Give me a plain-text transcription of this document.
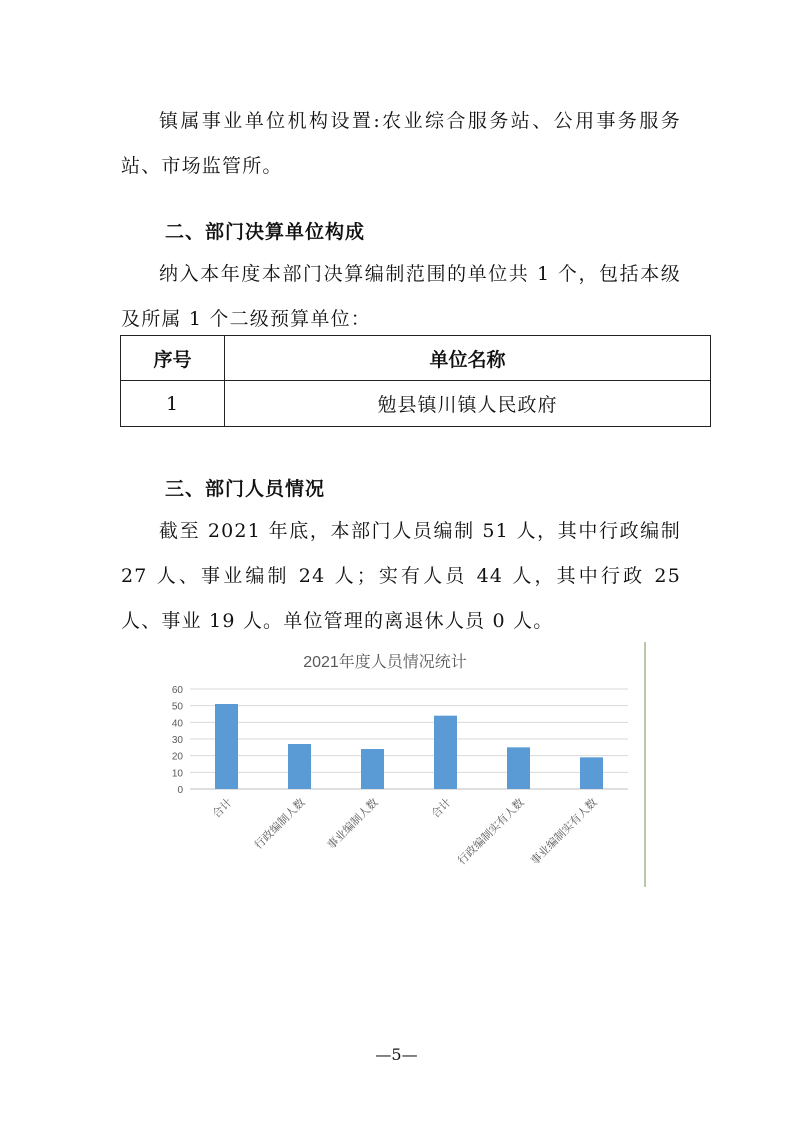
镇属事业单位机构设置:农业综合服务站、公用事务服务站、市场监管所。

二、部门决算单位构成

纳入本年度本部门决算编制范围的单位共 1 个，包括本级及所属 1 个二级预算单位：

序号	单位名称
1	勉县镇川镇人民政府
三、部门人员情况

截至 2021 年底，本部门人员编制 51 人，其中行政编制 27 人、事业编制 24 人；实有人员 44 人，其中行政 25 人、事业 19 人。单位管理的离退休人员 0 人。

2021年度人员情况统计
0
10
20
30
40
50
60
合计 行政编制人数 事业编制人数	合计 行政编制实有人数 事业编制实有人数
—5—
